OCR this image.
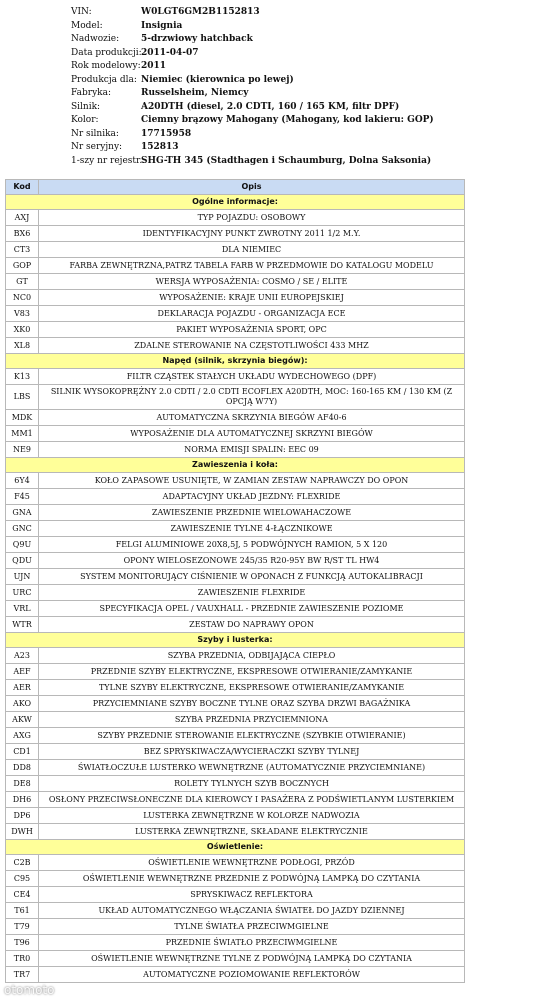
VIN:	W0LGT6GM2B1152813
Model:	Insignia
Nadwozie: 5-drzwiowy hatchback
Data produkcji: 2011-04-07
Rok modelowy: 2011
Produkcja dla: Niemiec (kierownica po lewej)
Fabryka:	Russelsheim, Niemcy
Silnik:	A20DTH (diesel, 2.0 CDTI, 160 / 165 KM, filtr DPF)
Kolor:	Ciemny brązowy Mahogany (Mahogany, kod lakieru: GOP)
Nr silnika: 17715958
Nr seryjny: 152813
1-szy nr rejestr.:
SHG-TH 345 (Stadthagen i Schaumburg, Dolna Saksonia)
Kod	Opis
Ogólne informacje:	
AXJ	TYP POJAZDU: OSOBOWY
BX6	IDENTYFIKACYJNY PUNKT ZWROTNY 2011 1/2 M.Y.
CT3	DLA NIEMIEC
GOP	FARBA ZEWNĘTRZNA,PATRZ TABELA FARB W PRZEDMOWIE DO KATALOGU MODELU
GT	WERSJA WYPOSAŻENIA: COSMO / SE / ELITE
NC0	WYPOSAŻENIE: KRAJE UNII EUROPEJSKIEJ
V83	DEKLARACJA POJAZDU - ORGANIZACJA ECE
XK0	PAKIET WYPOSAŻENIA SPORT, OPC
XL8	ZDALNE STEROWANIE NA CZĘSTOTLIWOŚCI 433 MHZ
Napęd (silnik, skrzynia biegów):	
K13	FILTR CZĄSTEK STAŁYCH UKŁADU WYDECHOWEGO (DPF)
LBS	SILNIK WYSOKOPRĘŻNY 2.0 CDTI / 2.0 CDTI ECOFLEX A20DTH, MOC: 160-165 KM / 130 KM (Z OPCJĄ W7Y)
MDK	AUTOMATYCZNA SKRZYNIA BIEGÓW AF40-6
MM1	WYPOSAŻENIE DLA AUTOMATYCZNEJ SKRZYNI BIEGÓW
NE9	NORMA EMISJI SPALIN: EEC 09
Zawieszenia i koła:	
6Y4	KOŁO ZAPASOWE USUNIĘTE, W ZAMIAN ZESTAW NAPRAWCZY DO OPON
F45	ADAPTACYJNY UKŁAD JEZDNY: FLEXRIDE
GNA	ZAWIESZENIE PRZEDNIE WIELOWAHACZOWE
GNC	ZAWIESZENIE TYLNE 4-ŁĄCZNIKOWE
Q9U	FELGI ALUMINIOWE 20X8,5J, 5 PODWÓJNYCH RAMION, 5 X 120
QDU	OPONY WIELOSEZONOWE 245/35 R20-95Y BW R/ST TL HW4
UJN	SYSTEM MONITORUJĄCY CIŚNIENIE W OPONACH Z FUNKCJĄ AUTOKALIBRACJI
URC	ZAWIESZENIE FLEXRIDE
VRL	SPECYFIKACJA OPEL / VAUXHALL - PRZEDNIE ZAWIESZENIE POZIOME
WTR	ZESTAW DO NAPRAWY OPON
Szyby i lusterka:	
A23	SZYBA PRZEDNIA, ODBIJAJĄCA CIEPŁO
AEF	PRZEDNIE SZYBY ELEKTRYCZNE, EKSPRESOWE OTWIERANIE/ZAMYKANIE
AER	TYLNE SZYBY ELEKTRYCZNE, EKSPRESOWE OTWIERANIE/ZAMYKANIE
AKO	PRZYCIEMNIANE SZYBY BOCZNE TYLNE ORAZ SZYBA DRZWI BAGAŻNIKA
AKW	SZYBA PRZEDNIA PRZYCIEMNIONA
AXG	SZYBY PRZEDNIE STEROWANIE ELEKTRYCZNE (SZYBKIE OTWIERANIE)
CD1	BEZ SPRYSKIWACZA/WYCIERACZKI SZYBY TYLNEJ
DD8	ŚWIATŁOCZUŁE LUSTERKO WEWNĘTRZNE (AUTOMATYCZNIE PRZYCIEMNIANE)
DE8	ROLETY TYLNYCH SZYB BOCZNYCH
DH6	OSŁONY PRZECIWSŁONECZNE DLA KIEROWCY I PASAŻERA Z PODŚWIETLANYM LUSTERKIEM
DP6	LUSTERKA ZEWNĘTRZNE W KOLORZE NADWOZIA
DWH	LUSTERKA ZEWNĘTRZNE, SKŁADANE ELEKTRYCZNIE
Oświetlenie:	
C2B	OŚWIETLENIE WEWNĘTRZNE PODŁOGI, PRZÓD
C95	OŚWIETLENIE WEWNĘTRZNE PRZEDNIE Z PODWÓJNĄ LAMPKĄ DO CZYTANIA
CE4	SPRYSKIWACZ REFLEKTORA
T61	UKŁAD AUTOMATYCZNEGO WŁĄCZANIA ŚWIATEŁ DO JAZDY DZIENNEJ
T79	TYLNE ŚWIATŁA PRZECIWMGIELNE
T96	PRZEDNIE ŚWIATŁO PRZECIWMGIELNE
TR0	OŚWIETLENIE WEWNĘTRZNE TYLNE Z PODWÓJNĄ LAMPKĄ DO CZYTANIA
TR7	AUTOMATYCZNE POZIOMOWANIE REFLEKTORÓW
otomoto
